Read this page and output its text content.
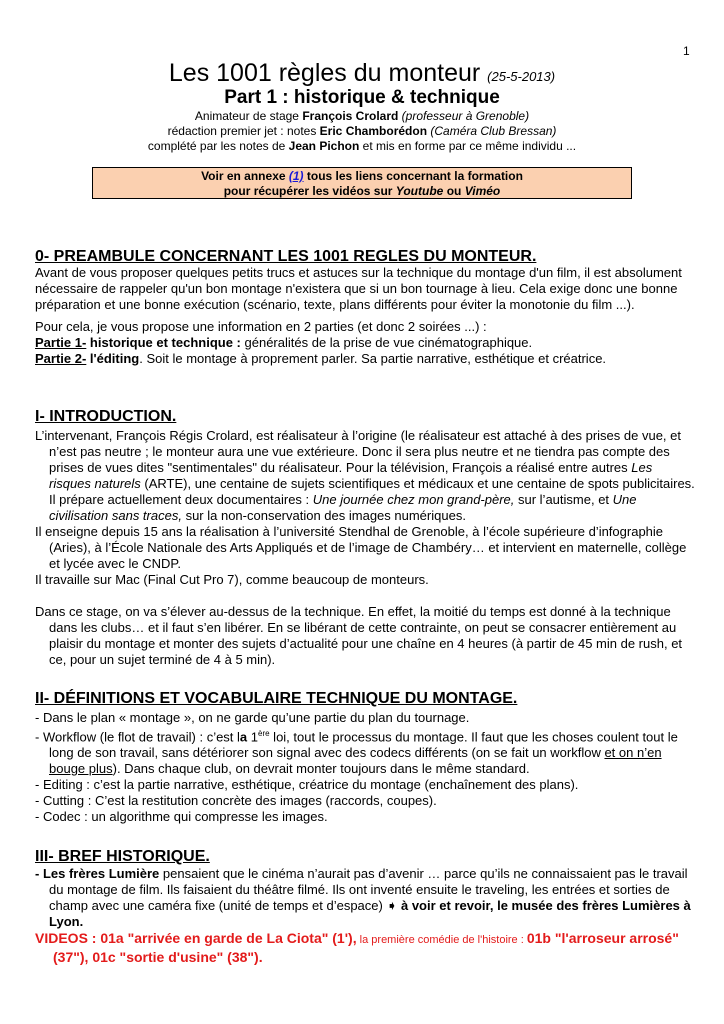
1
Les 1001 règles du monteur (25-5-2013)
Part 1 : historique & technique
Animateur de stage François Crolard (professeur à Grenoble)
rédaction premier jet : notes Eric Chamborédon (Caméra Club Bressan)
complété par les notes de Jean Pichon et mis en forme par ce même individu ...
Voir en annexe (1) tous les liens concernant la formation
pour récupérer les vidéos sur Youtube ou Viméo
0- PREAMBULE CONCERNANT LES 1001 REGLES DU MONTEUR.

Avant de vous proposer quelques petits trucs et astuces sur la technique du montage d'un film, il est absolument nécessaire de rappeler qu'un bon montage n'existera que si un bon tournage à lieu. Cela exige donc une bonne préparation et une bonne exécution (scénario, texte, plans différents pour éviter la monotonie du film ...).

Pour cela, je vous propose une information en 2 parties (et donc 2 soirées ...) :

Partie 1- historique et technique : généralités de la prise de vue cinématographique.

Partie 2- l'éditing. Soit le montage à proprement parler. Sa partie narrative, esthétique et créatrice.

I- INTRODUCTION.

L’intervenant, François Régis Crolard, est réalisateur à l’origine (le réalisateur est attaché à des prises de vue, et n’est pas neutre ; le monteur aura une vue extérieure. Donc il sera plus neutre et ne tiendra pas compte des prises de vues dites "sentimentales" du réalisateur. Pour la télévision, François a réalisé entre autres Les risques naturels (ARTE), une centaine de sujets scientifiques et médicaux et une centaine de spots publicitaires. Il prépare actuellement deux documentaires : Une journée chez mon grand-père, sur l’autisme, et Une civilisation sans traces, sur la non-conservation des images numériques.

Il enseigne depuis 15 ans la réalisation à l’université Stendhal de Grenoble, à l’école supérieure d’infographie (Aries), à l’École Nationale des Arts Appliqués et de l’image de Chambéry… et intervient en maternelle, collège et lycée avec le CNDP.

Il travaille sur Mac (Final Cut Pro 7), comme beaucoup de monteurs.

Dans ce stage, on va s’élever au-dessus de la technique. En effet, la moitié du temps est donné à la technique dans les clubs… et il faut s’en libérer. En se libérant de cette contrainte, on peut se consacrer entièrement au plaisir du montage et monter des sujets d’actualité pour une chaîne en 4 heures (à partir de 45 min de rush, et ce, pour un sujet terminé de 4 à 5 min).

II- DÉFINITIONS ET VOCABULAIRE TECHNIQUE DU MONTAGE.

- Dans le plan « montage », on ne garde qu’une partie du plan du tournage.

- Workflow (le flot de travail) : c’est la 1ère loi, tout le processus du montage. Il faut que les choses coulent tout le long de son travail, sans détériorer son signal avec des codecs différents (on se fait un workflow et on n’en bouge plus). Dans chaque club, on devrait monter toujours dans le même standard.

- Editing : c’est la partie narrative, esthétique, créatrice du montage (enchaînement des plans).

- Cutting : C’est la restitution concrète des images (raccords, coupes).

- Codec : un algorithme qui compresse les images.

III- BREF HISTORIQUE.

- Les frères Lumière pensaient que le cinéma n’aurait pas d’avenir … parce qu’ils ne connaissaient pas le travail du montage de film. Ils faisaient du théâtre filmé. Ils ont inventé ensuite le traveling, les entrées et sorties de champ avec une caméra fixe (unité de temps et d’espace) ➧ à voir et revoir, le musée des frères Lumières à Lyon.

VIDEOS : 01a "arrivée en garde de La Ciota" (1'), la première comédie de l'histoire : 01b "l'arroseur arrosé" (37"), 01c "sortie d'usine" (38").
